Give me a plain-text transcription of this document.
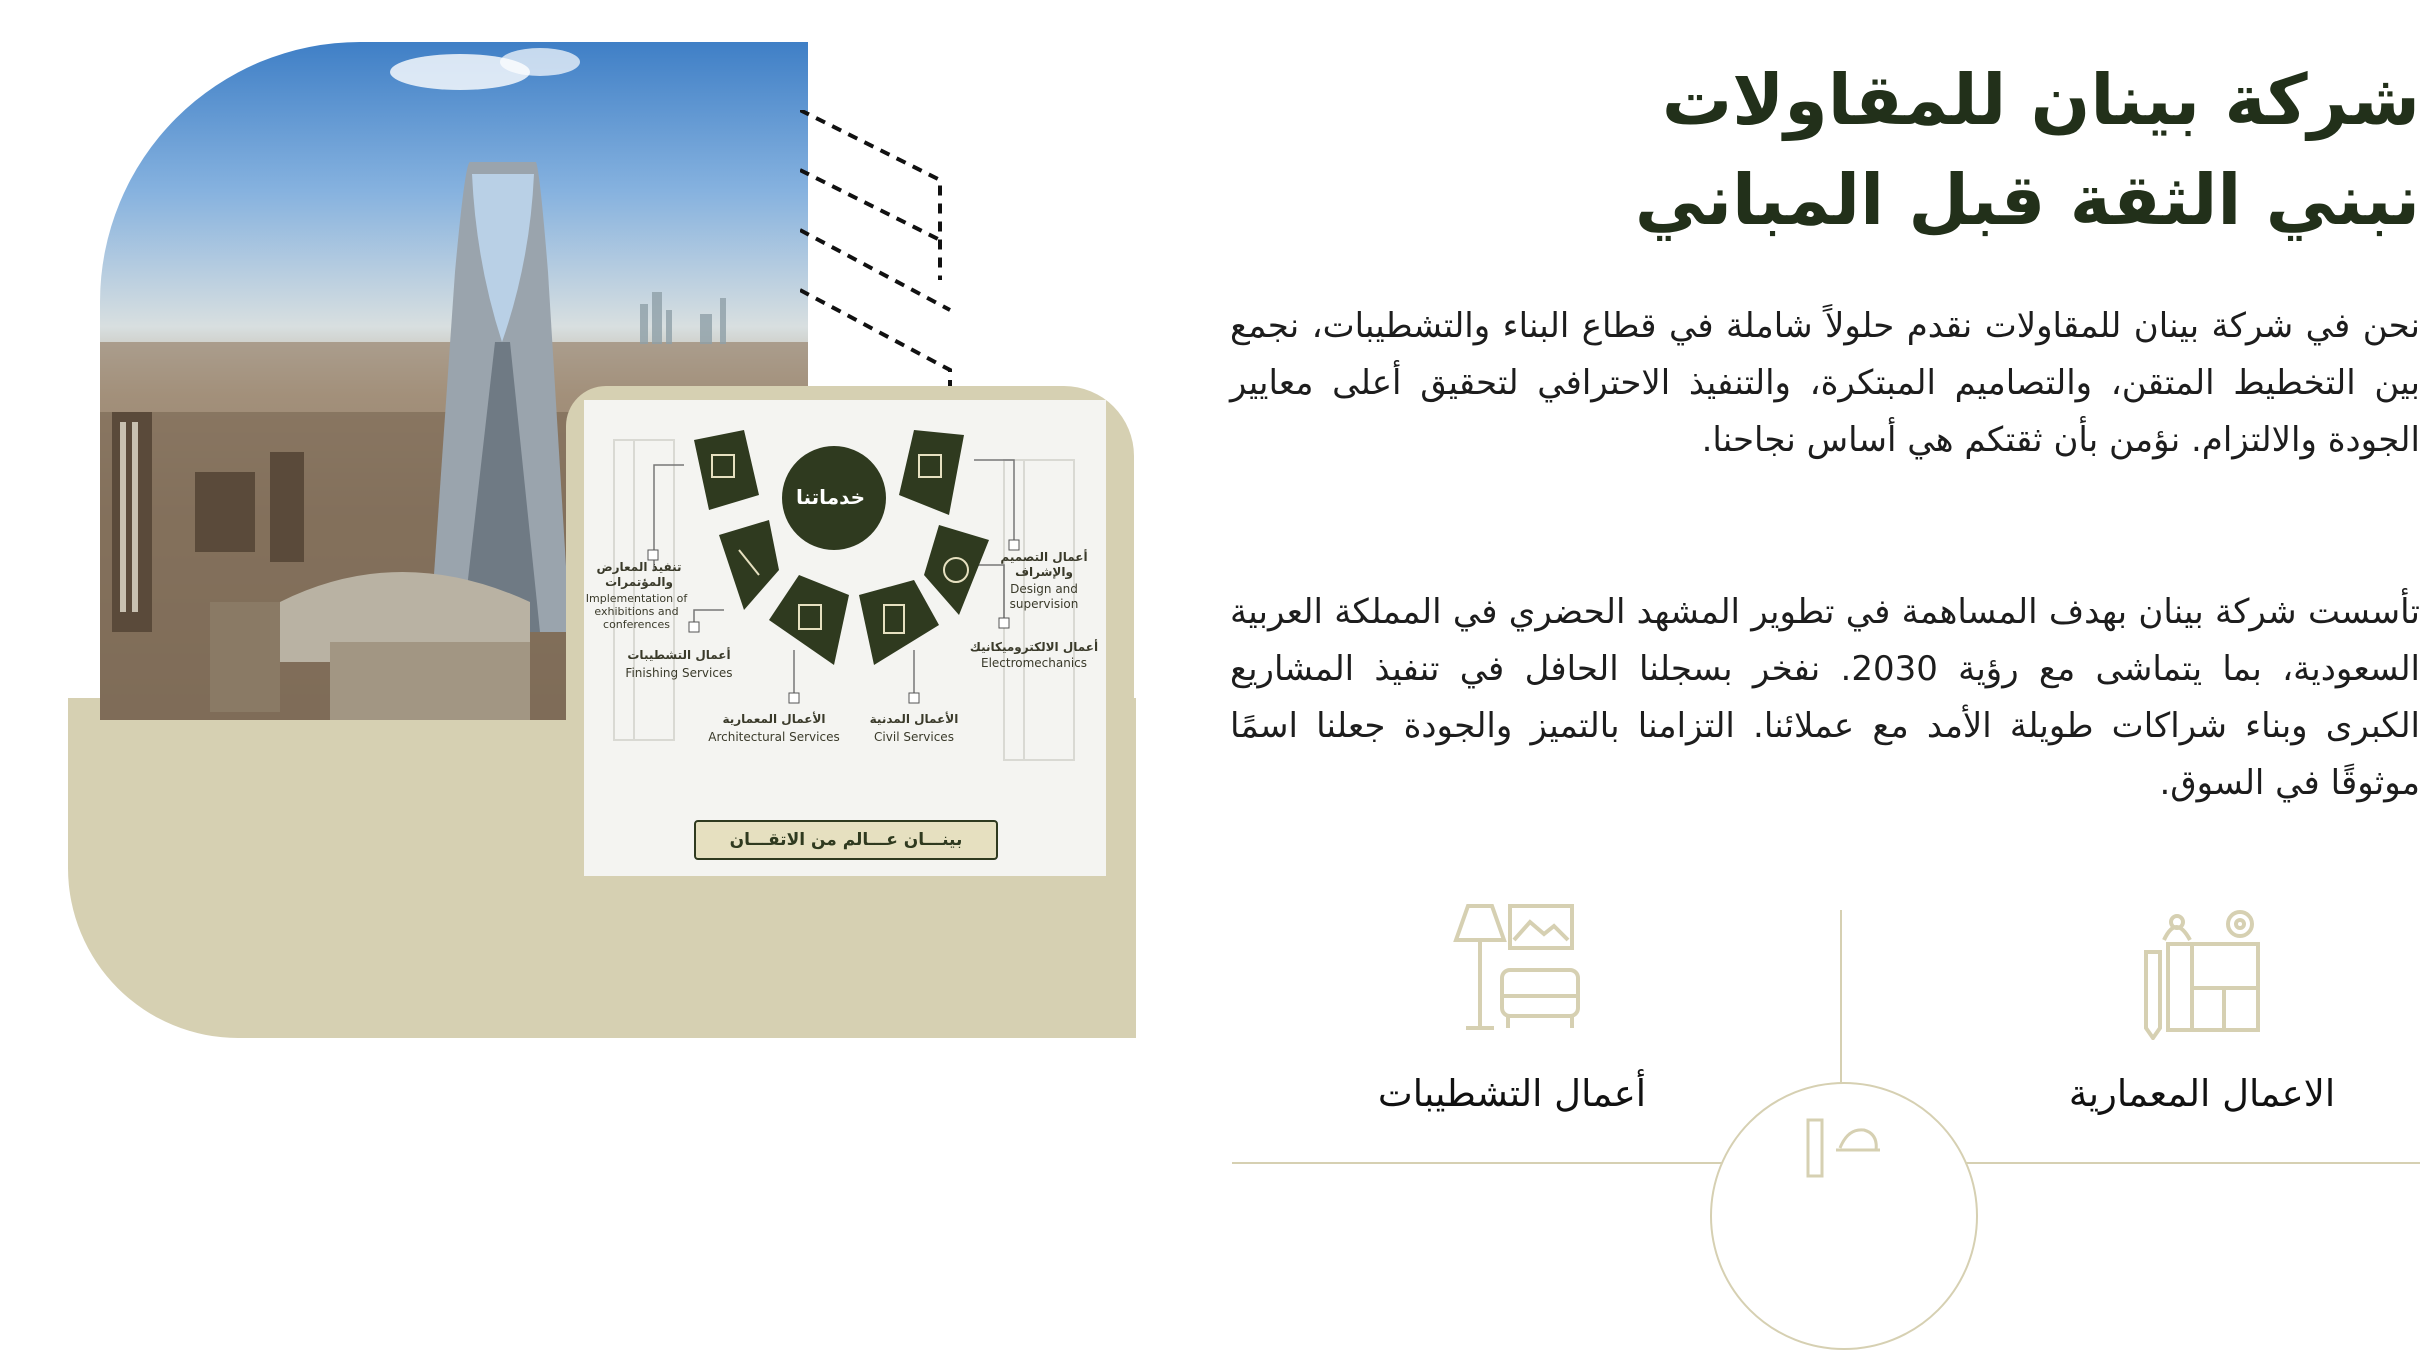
خدماتنا
أعمال التصميم والإشراف
Design and supervision
أعمال الالكتروميكانيك
Electromechanics
الأعمال المدنية
Civil Services
الأعمال المعمارية
Architectural Services
أعمال التشطيبات
Finishing Services
تنفيذ المعارض والمؤتمرات
Implementation of exhibitions and conferences
بينـــان عـــالم من الاتقـــان
شركة بينان للمقاولات
نبني الثقة قبل المباني

نحن في شركة بينان للمقاولات نقدم حلولاً شاملة في قطاع البناء والتشطيبات، نجمع بين التخطيط المتقن، والتصاميم المبتكرة، والتنفيذ الاحترافي لتحقيق أعلى معايير الجودة والالتزام. نؤمن بأن ثقتكم هي أساس نجاحنا.

تأسست شركة بينان بهدف المساهمة في تطوير المشهد الحضري في المملكة العربية السعودية، بما يتماشى مع رؤية 2030. نفخر بسجلنا الحافل في تنفيذ المشاريع الكبرى وبناء شراكات طويلة الأمد مع عملائنا. التزامنا بالتميز والجودة جعلنا اسمًا موثوقًا في السوق.

الاعمال المعمارية
أعمال التشطيبات
